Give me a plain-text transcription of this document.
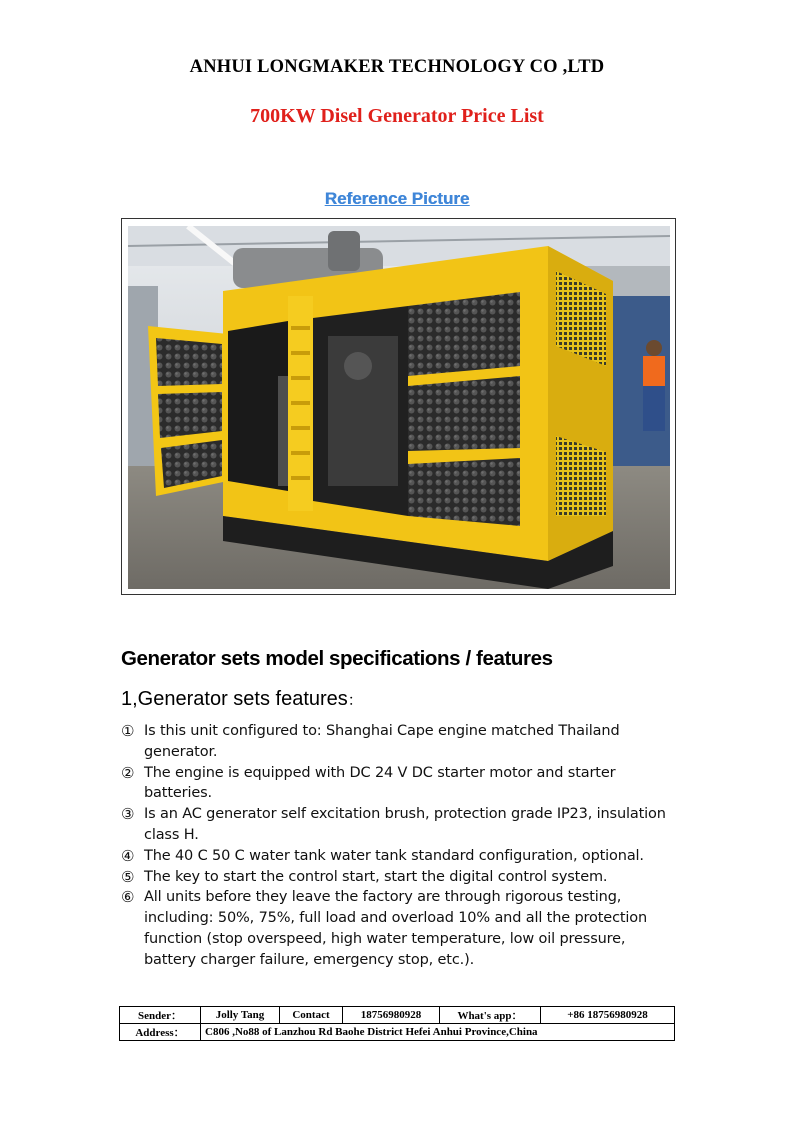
ANHUI LONGMAKER TECHNOLOGY CO ,LTD
700KW Disel Generator Price List
Reference Picture
Generator sets model specifications / features
1,Generator sets features：
① Is this unit configured to: Shanghai Cape engine matched Thailand generator.
② The engine is equipped with DC 24 V DC starter motor and starter batteries.
③ Is an AC generator self excitation brush, protection grade IP23, insulation class H.
④ The 40 C 50 C water tank water tank standard configuration, optional.
⑤ The key to start the control start, start the digital control system.
⑥ All units before they leave the factory are through rigorous testing, including: 50%, 75%, full load and overload 10% and all the protection function (stop overspeed, high water temperature, low oil pressure, battery charger failure, emergency stop, etc.).
Sender：	Jolly Tang	Contact	18756980928	What's app：	+86 18756980928
Address：	C806 ,No88 of Lanzhou Rd Baohe District Hefei Anhui Province,China				
